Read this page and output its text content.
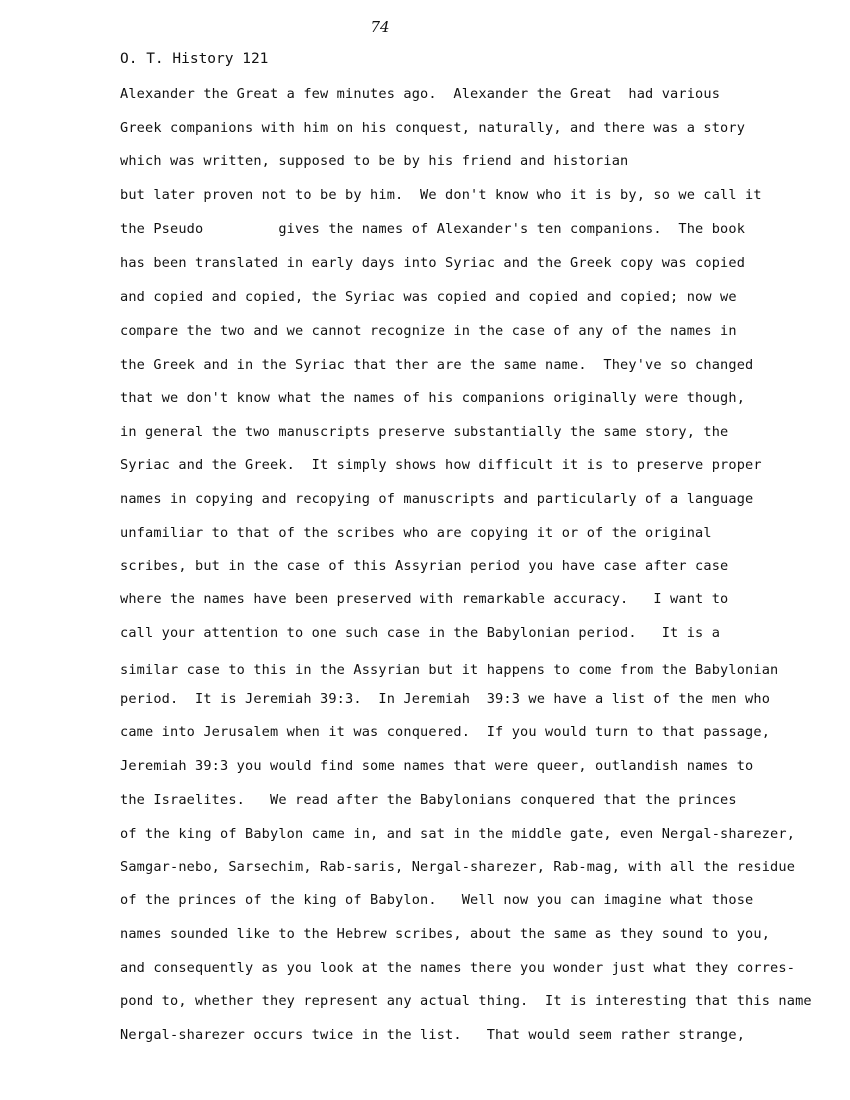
74
O. T. History 121
Alexander the Great a few minutes ago.  Alexander the Great  had various
Greek companions with him on his conquest, naturally, and there was a story
which was written, supposed to be by his friend and historian
but later proven not to be by him.  We don't know who it is by, so we call it
the Pseudo         gives the names of Alexander's ten companions.  The book
has been translated in early days into Syriac and the Greek copy was copied
and copied and copied, the Syriac was copied and copied and copied; now we
compare the two and we cannot recognize in the case of any of the names in
the Greek and in the Syriac that ther are the same name.  They've so changed
that we don't know what the names of his companions originally were though,
in general the two manuscripts preserve substantially the same story, the
Syriac and the Greek.  It simply shows how difficult it is to preserve proper
names in copying and recopying of manuscripts and particularly of a language
unfamiliar to that of the scribes who are copying it or of the original
scribes, but in the case of this Assyrian period you have case after case
where the names have been preserved with remarkable accuracy.   I want to
call your attention to one such case in the Babylonian period.   It is a
similar case to this in the Assyrian but it happens to come from the Babylonian
period.  It is Jeremiah 39:3.  In Jeremiah  39:3 we have a list of the men who
came into Jerusalem when it was conquered.  If you would turn to that passage,
Jeremiah 39:3 you would find some names that were queer, outlandish names to
the Israelites.   We read after the Babylonians conquered that the princes
of the king of Babylon came in, and sat in the middle gate, even Nergal-sharezer,
Samgar-nebo, Sarsechim, Rab-saris, Nergal-sharezer, Rab-mag, with all the residue
of the princes of the king of Babylon.   Well now you can imagine what those
names sounded like to the Hebrew scribes, about the same as they sound to you,
and consequently as you look at the names there you wonder just what they corres-
pond to, whether they represent any actual thing.  It is interesting that this name
Nergal-sharezer occurs twice in the list.   That would seem rather strange,
